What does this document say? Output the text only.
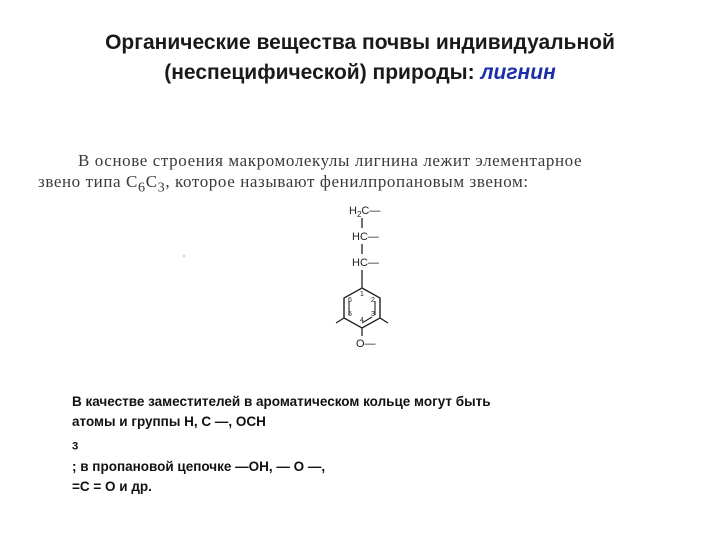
Органические вещества почвы индивидуальной
(неспецифической) природы: лигнин
В основе строения макромолекулы лигнина лежит элементарное
звено типа $C_6C_3$, которое называют фенилпропановым звеном:
$H_2C—$
HC—
HC—
1
2
3
4
5
6
O—
В качестве заместителей в ароматическом кольце могут быть
атомы и группы H, C —, OCH
$_3$
; в пропановой цепочке —OH, — O —,
=C = O и др.
